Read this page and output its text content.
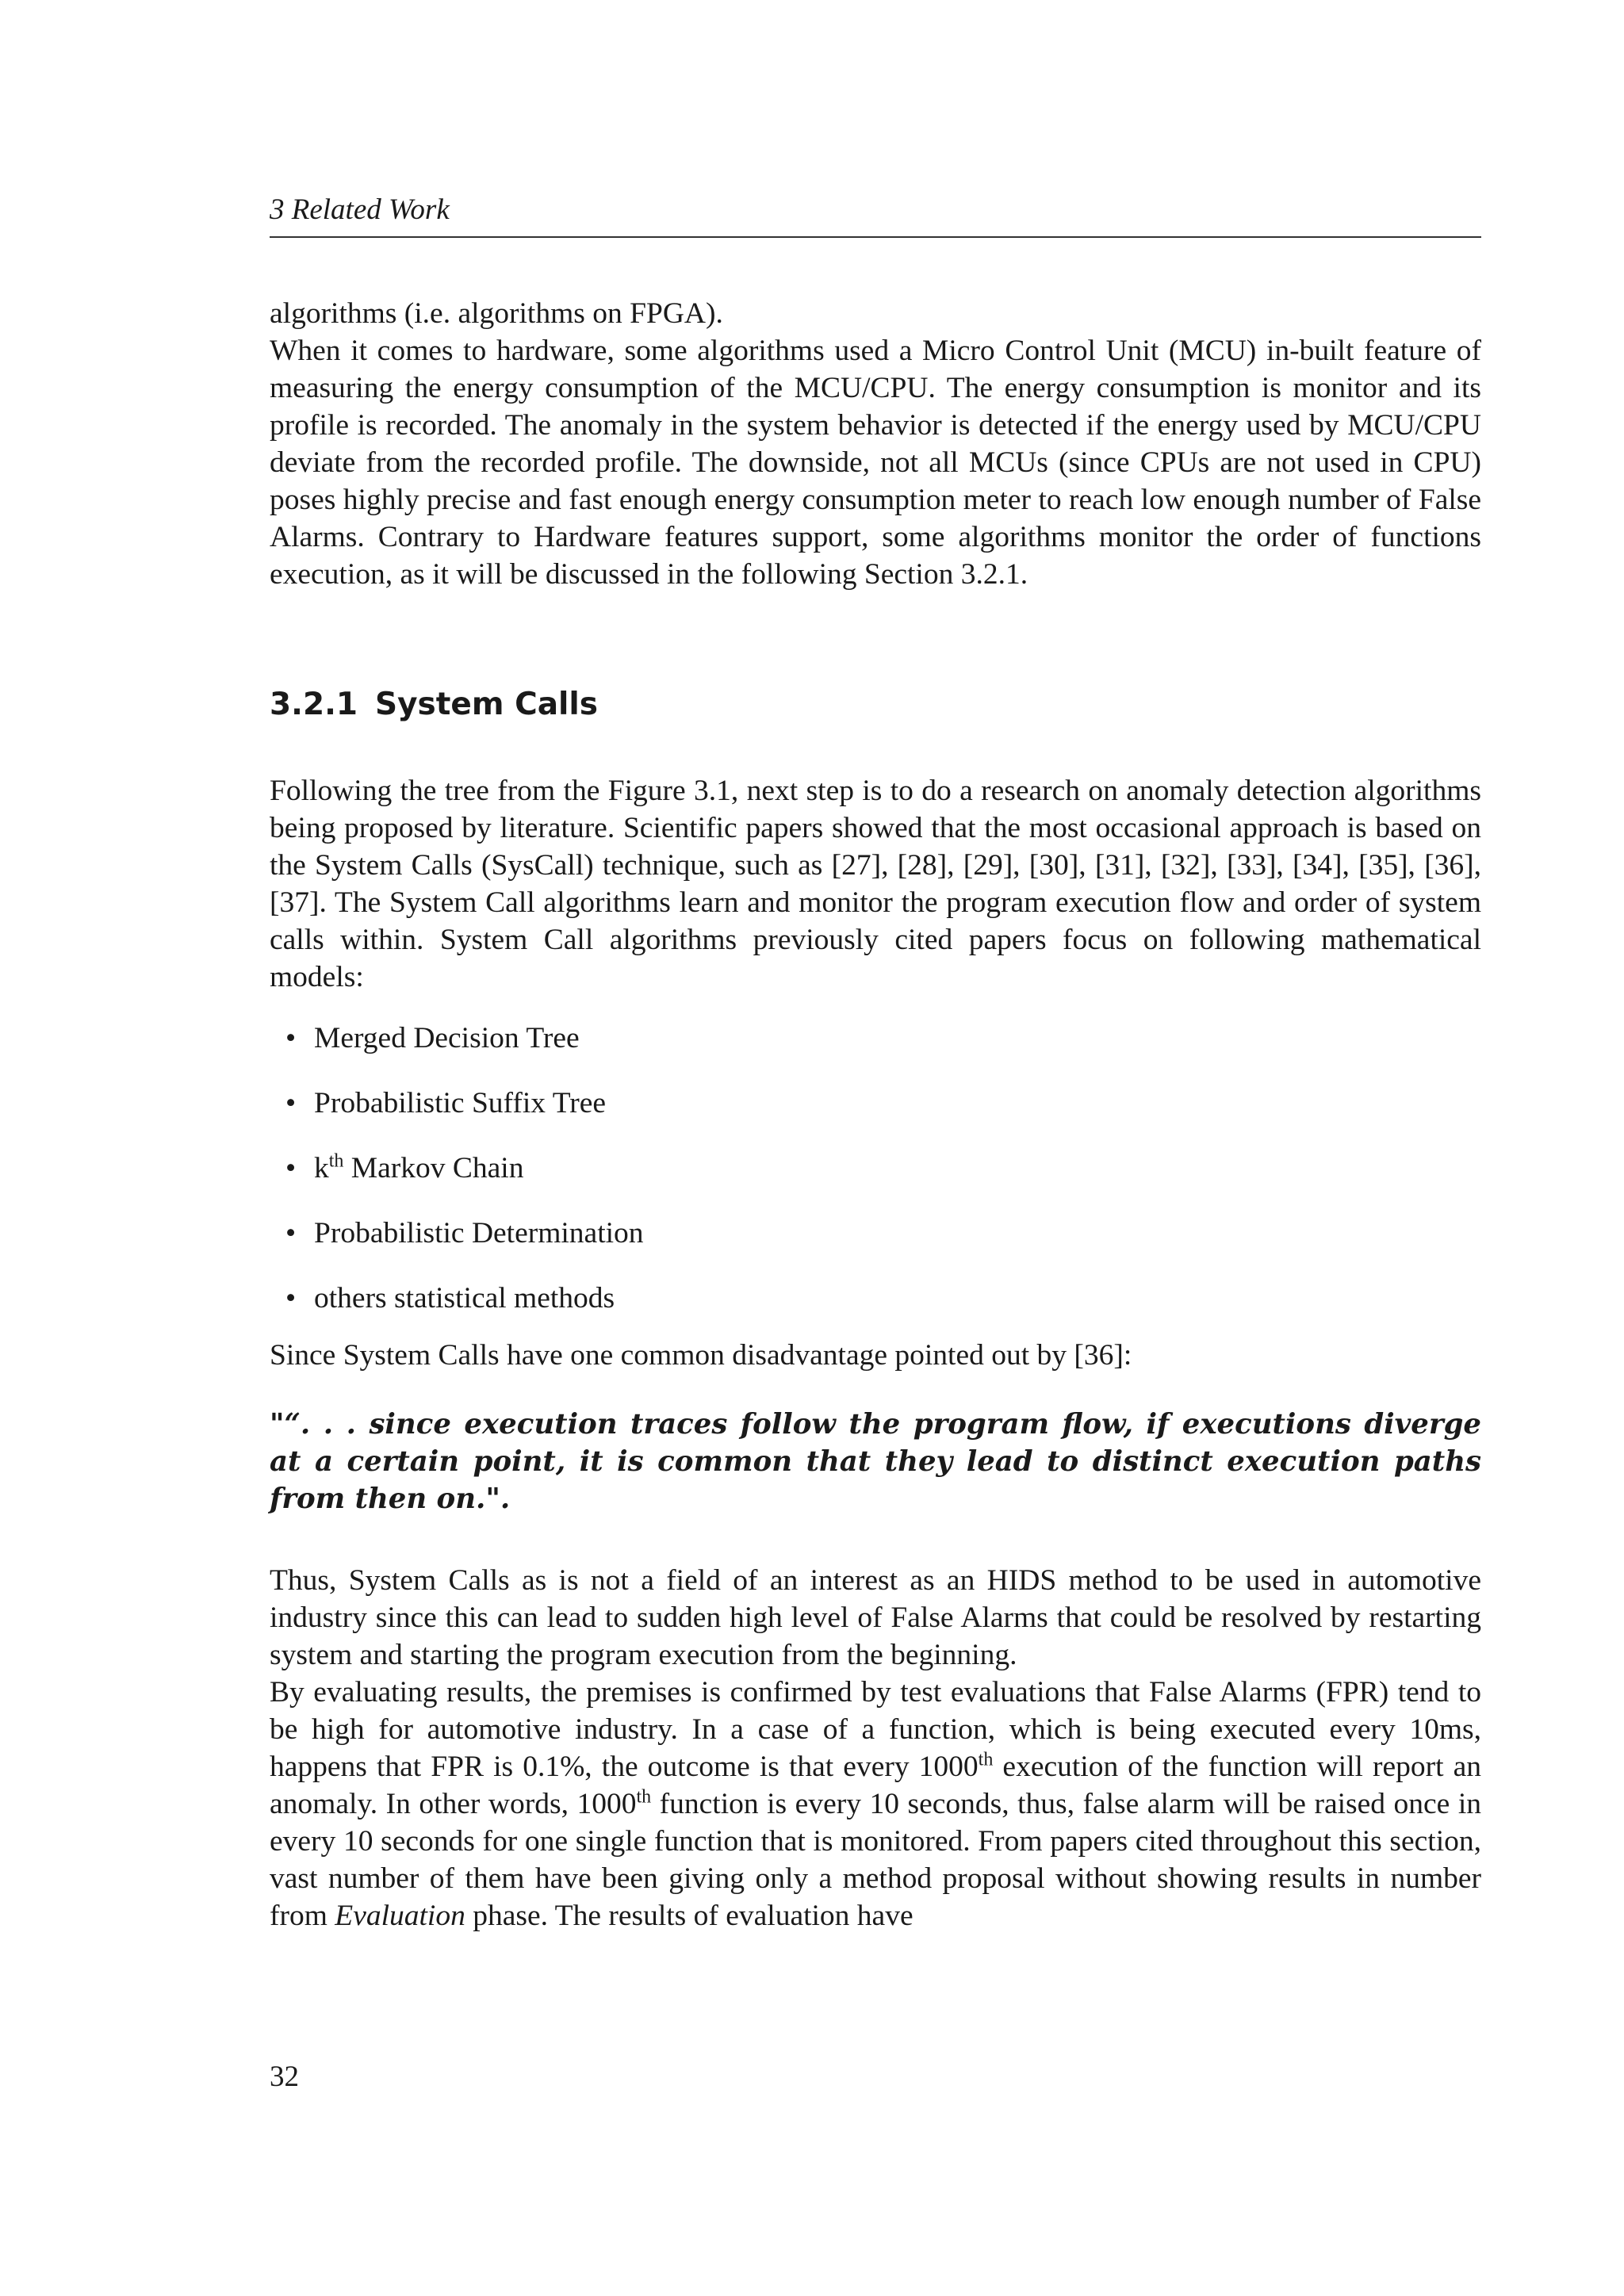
3 Related Work

algorithms (i.e. algorithms on FPGA).
When it comes to hardware, some algorithms used a Micro Control Unit (MCU) in-built feature of measuring the energy consumption of the MCU/CPU. The energy consumption is monitor and its profile is recorded. The anomaly in the system behavior is detected if the energy used by MCU/CPU deviate from the recorded profile. The downside, not all MCUs (since CPUs are not used in CPU) poses highly precise and fast enough energy consumption meter to reach low enough number of False Alarms. Contrary to Hardware features support, some algorithms monitor the order of functions execution, as it will be discussed in the following Section 3.2.1.

3.2.1 System Calls

Following the tree from the Figure 3.1, next step is to do a research on anomaly detection algorithms being proposed by literature. Scientific papers showed that the most occasional approach is based on the System Calls (SysCall) technique, such as [27], [28], [29], [30], [31], [32], [33], [34], [35], [36], [37]. The System Call algorithms learn and monitor the program execution flow and order of system calls within. System Call algorithms previously cited papers focus on following mathematical models:

• Merged Decision Tree
• Probabilistic Suffix Tree
• $k^{th}$ Markov Chain
• Probabilistic Determination
• others statistical methods

Since System Calls have one common disadvantage pointed out by [36]:

"“. . . since execution traces follow the program flow, if executions diverge at a certain point, it is common that they lead to distinct execution paths from then on.".

Thus, System Calls as is not a field of an interest as an HIDS method to be used in automotive industry since this can lead to sudden high level of False Alarms that could be resolved by restarting system and starting the program execution from the beginning.

By evaluating results, the premises is confirmed by test evaluations that False Alarms (FPR) tend to be high for automotive industry. In a case of a function, which is being executed every 10ms, happens that FPR is 0.1%, the outcome is that every 1000th execution of the function will report an anomaly. In other words, 1000th function is every 10 seconds, thus, false alarm will be raised once in every 10 seconds for one single function that is monitored. From papers cited throughout this section, vast number of them have been giving only a method proposal without showing results in number from Evaluation phase. The results of evaluation have

32
